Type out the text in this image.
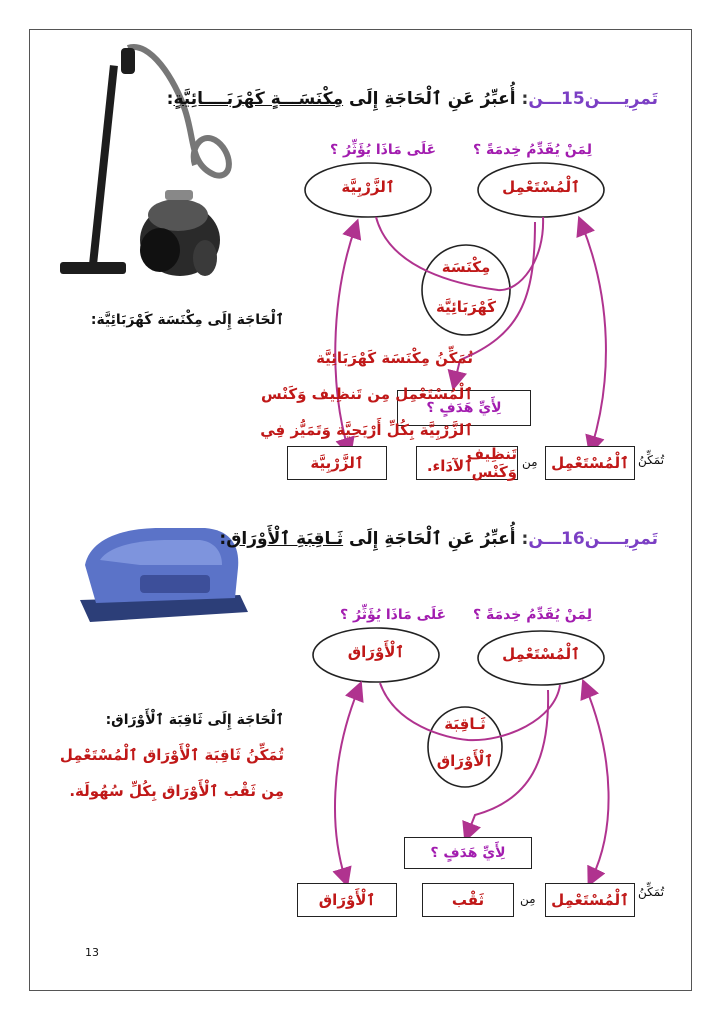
تَمرِيــــن15ـــن: أُعبِّرُ عَنِ ٱلْحَاجَةِ إِلَى مِكْنَسَـــةٍ كَهْرَبَــــائِيَّةٍ:
لِمَنْ يُقَدِّمُ خِدمَةً ؟
عَلَى مَاذَا يُؤَثِّرُ ؟
ٱلْمُسْتَعْمِل
ٱلزَّرْبِيَّة
مِكْنَسَة
كَهْرَبَائِيَّة
لِأَيِّ هَدَفٍ ؟
تُمَكِّنُ
ٱلْمُسْتَعْمِل
مِن
تَنظِيف وَكَنْس
ٱلزَّرْبِيَّة
ٱلْحَاجَة إِلَى مِكْنَسَة كَهْرَبَائِيَّة:
تُمَكِّنُ مِكْنَسَة كَهْرَبَائِيَّة ٱلْمُسْتَعْمِل مِن تَنظِيف وَكَنْس ٱلزَّرْبِيَّة بِكُلِّ أَرْيَحِيَّة وَتَمَيُّز فِي ٱلآدَاء.
تَمرِيــــن16ـــن: أُعبِّرُ عَنِ ٱلْحَاجَةِ إِلَى ثَـاقِبَةِ ٱلْأَوْرَاق:
لِمَنْ يُقَدِّمُ خِدمَةً ؟
عَلَى مَاذَا يُؤَثِّرُ ؟
ٱلْمُسْتَعْمِل
ٱلْأَوْرَاق
ثَـاقِبَة
ٱلْأَوْرَاق
لِأَيِّ هَدَفٍ ؟
تُمَكِّنُ
ٱلْمُسْتَعْمِل
مِن
ثَقْب
ٱلْأَوْرَاق
ٱلْحَاجَة إِلَى ثَاقِبَة ٱلْأَوْرَاق:
تُمَكِّنُ ثَاقِبَة ٱلْأَوْرَاق ٱلْمُسْتَعْمِل مِن ثَقْب ٱلْأَوْرَاق بِكُلِّ سُهُولَة.
13
